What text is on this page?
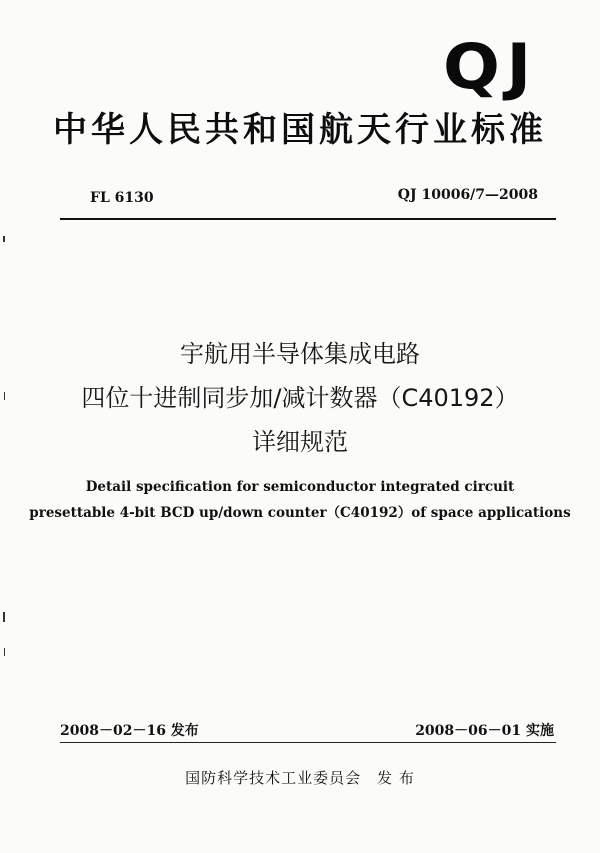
QJ
中华人民共和国航天行业标准
FL 6130	QJ 10006/7—2008
宇航用半导体集成电路
四位十进制同步加/减计数器（C40192）
详细规范
Detail specification for semiconductor integrated circuit
presettable 4-bit BCD up/down counter（C40192）of space applications
2008－02－16 发布	2008－06－01 实施
国防科学技术工业委员会 发 布
